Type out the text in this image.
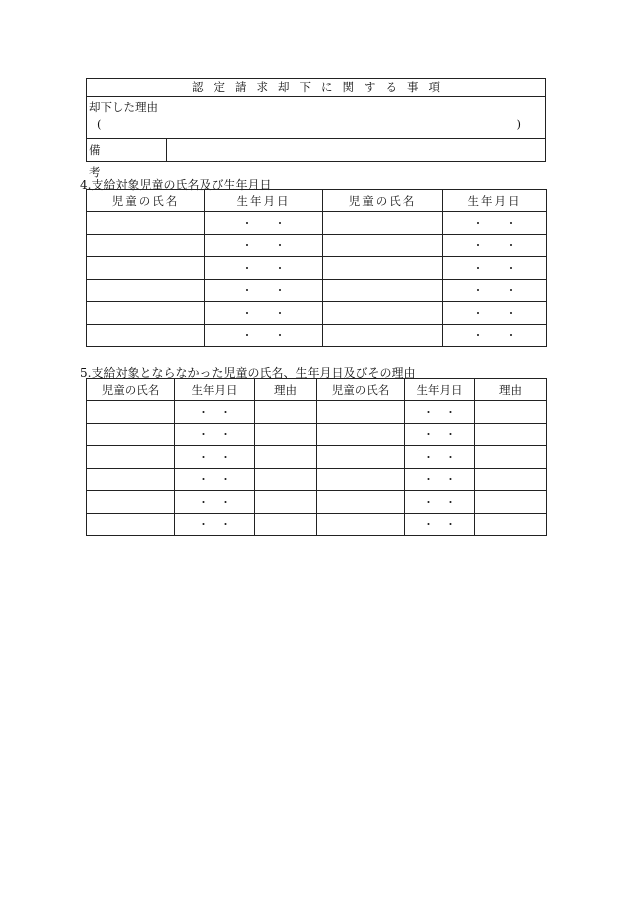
認定請求却下に関する事項
却下した理由
(	)
備考
4.支給対象児童の氏名及び生年月日
児童の氏名	生年月日	児童の氏名	生年月日
	・　　・		・　　・
	・　　・		・　　・
	・　　・		・　　・
	・　　・		・　　・
	・　　・		・　　・
	・　　・		・　　・
5.支給対象とならなかった児童の氏名、生年月日及びその理由
児童の氏名	生年月日	理由	児童の氏名	生年月日	理由
	・　・			・　・	
	・　・			・　・	
	・　・			・　・	
	・　・			・　・	
	・　・			・　・	
	・　・			・　・	
